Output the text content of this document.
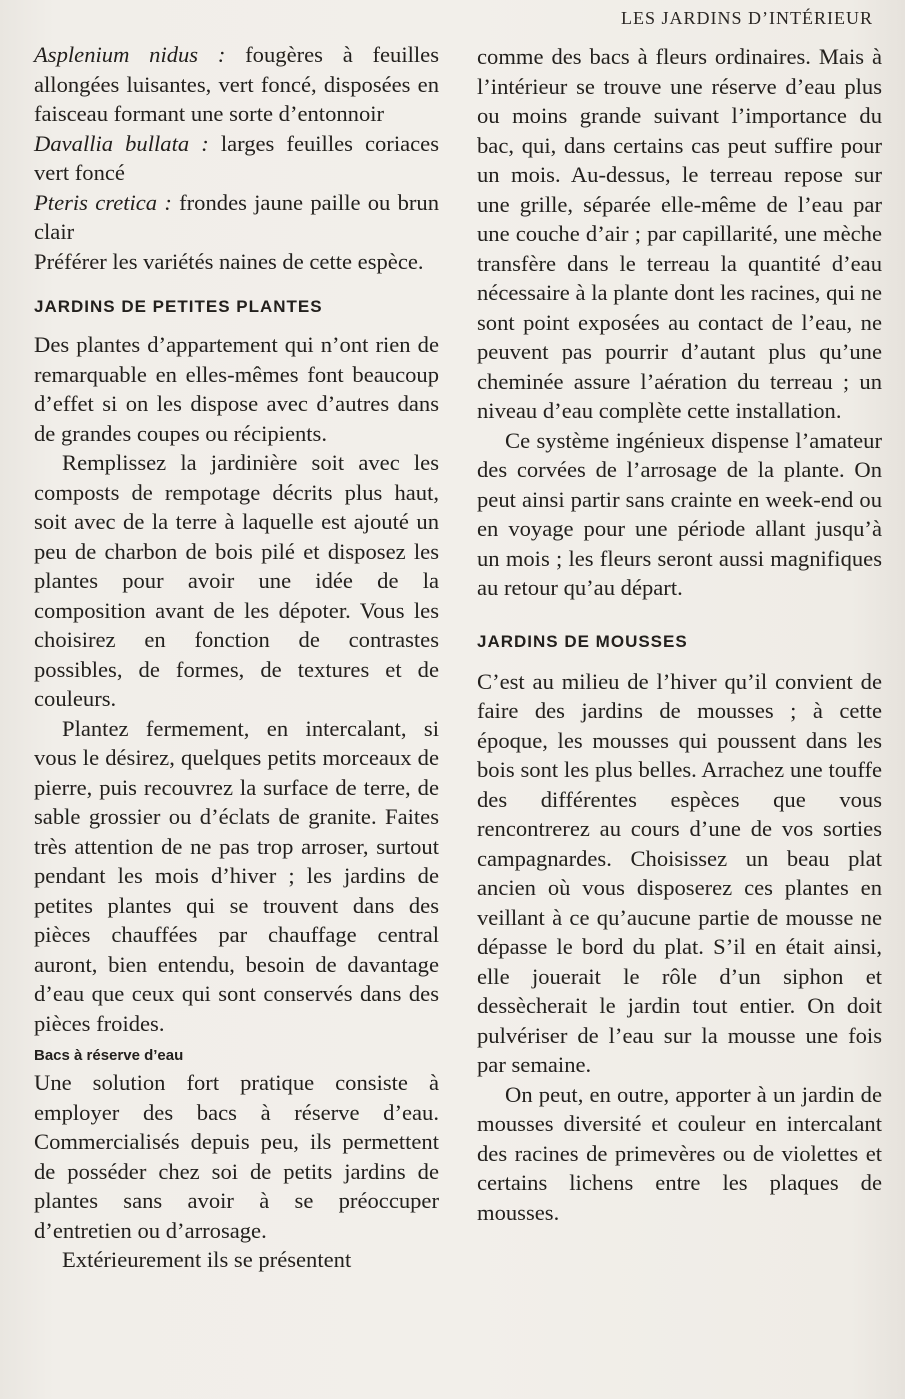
LES JARDINS D’INTÉRIEUR

Asplenium nidus : fougères à feuilles allongées luisantes, vert foncé, disposées en faisceau formant une sorte d’entonnoir

Davallia bullata : larges feuilles coriaces vert foncé

Pteris cretica : frondes jaune paille ou brun clair

Préférer les variétés naines de cette espèce.

JARDINS DE PETITES PLANTES

Des plantes d’appartement qui n’ont rien de remarquable en elles-mêmes font beaucoup d’effet si on les dispose avec d’autres dans de grandes coupes ou récipients.

Remplissez la jardinière soit avec les composts de rempotage décrits plus haut, soit avec de la terre à laquelle est ajouté un peu de charbon de bois pilé et disposez les plantes pour avoir une idée de la composition avant de les dépoter. Vous les choisirez en fonction de contrastes possibles, de formes, de textures et de couleurs.

Plantez fermement, en intercalant, si vous le désirez, quelques petits morceaux de pierre, puis recouvrez la surface de terre, de sable grossier ou d’éclats de granite. Faites très attention de ne pas trop arroser, surtout pendant les mois d’hiver ; les jardins de petites plantes qui se trouvent dans des pièces chauffées par chauffage central auront, bien entendu, besoin de davantage d’eau que ceux qui sont conservés dans des pièces froides.

Bacs à réserve d’eau

Une solution fort pratique consiste à employer des bacs à réserve d’eau. Commercialisés depuis peu, ils permettent de posséder chez soi de petits jardins de plantes sans avoir à se préoccuper d’entretien ou d’arrosage.

Extérieurement ils se présentent

comme des bacs à fleurs ordinaires. Mais à l’intérieur se trouve une réserve d’eau plus ou moins grande suivant l’importance du bac, qui, dans certains cas peut suffire pour un mois. Au-dessus, le terreau repose sur une grille, séparée elle-même de l’eau par une couche d’air ; par capillarité, une mèche transfère dans le terreau la quantité d’eau nécessaire à la plante dont les racines, qui ne sont point exposées au contact de l’eau, ne peuvent pas pourrir d’autant plus qu’une cheminée assure l’aération du terreau ; un niveau d’eau complète cette installation.

Ce système ingénieux dispense l’amateur des corvées de l’arrosage de la plante. On peut ainsi partir sans crainte en week-end ou en voyage pour une période allant jusqu’à un mois ; les fleurs seront aussi magnifiques au retour qu’au départ.

JARDINS DE MOUSSES

C’est au milieu de l’hiver qu’il convient de faire des jardins de mousses ; à cette époque, les mousses qui poussent dans les bois sont les plus belles. Arrachez une touffe des différentes espèces que vous rencontrerez au cours d’une de vos sorties campagnardes. Choisissez un beau plat ancien où vous disposerez ces plantes en veillant à ce qu’aucune partie de mousse ne dépasse le bord du plat. S’il en était ainsi, elle jouerait le rôle d’un siphon et dessècherait le jardin tout entier. On doit pulvériser de l’eau sur la mousse une fois par semaine.

On peut, en outre, apporter à un jardin de mousses diversité et couleur en intercalant des racines de primevères ou de violettes et certains lichens entre les plaques de mousses.
